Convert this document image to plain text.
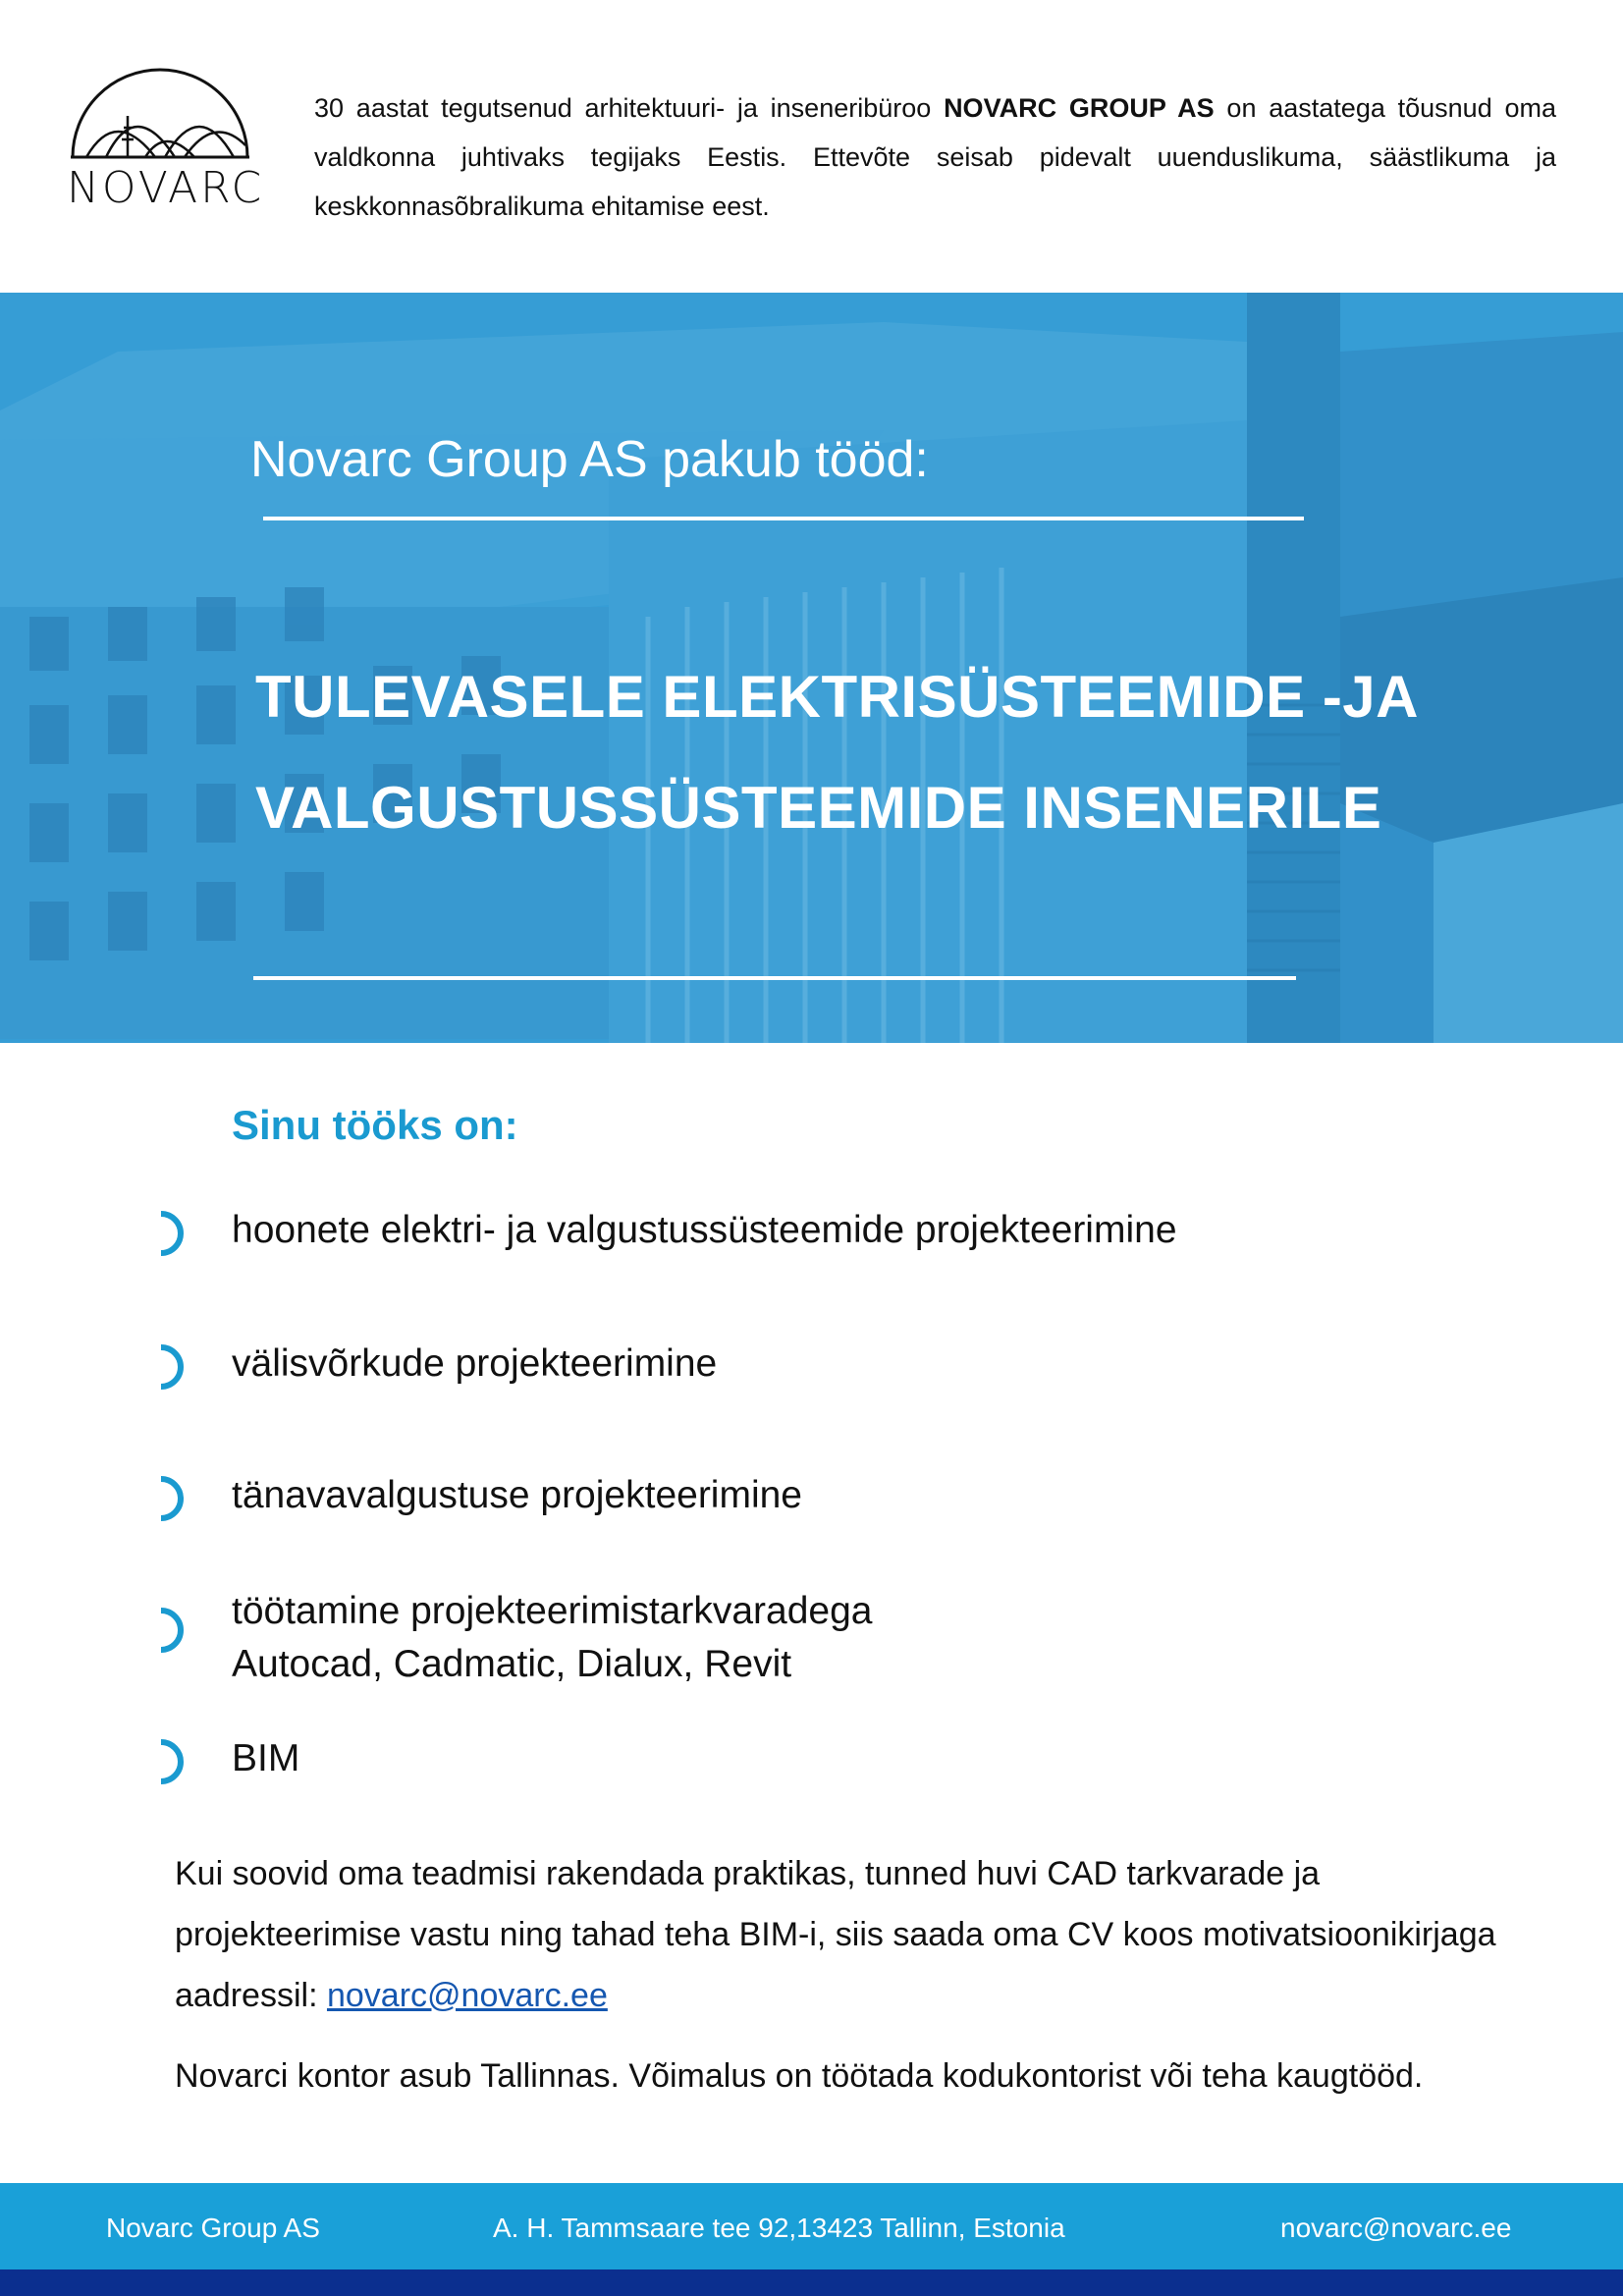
NOVARC

30 aastat tegutsenud arhitektuuri- ja inseneribüroo NOVARC GROUP AS on aastatega tõusnud oma valdkonna juhtivaks tegijaks Eestis. Ettevõte seisab pidevalt uuenduslikuma, säästlikuma ja keskkonnasõbralikuma ehitamise eest.

Novarc Group AS pakub tööd:
TULEVASELE ELEKTRISÜSTEEMIDE -JA
VALGUSTUSSÜSTEEMIDE INSENERILE
Sinu tööks on:
hoonete elektri- ja valgustussüsteemide projekteerimine
välisvõrkude projekteerimine
tänavavalgustuse projekteerimine
töötamine projekteerimistarkvaradega
Autocad, Cadmatic, Dialux, Revit
BIM

Kui soovid oma teadmisi rakendada praktikas, tunned huvi CAD tarkvarade ja projekteerimise vastu ning tahad teha BIM-i, siis saada oma CV koos motivatsioonikirjaga aadressil: novarc@novarc.ee

Novarci kontor asub Tallinnas. Võimalus on töötada kodukontorist või teha kaugtööd.

Novarc Group AS	A. H. Tammsaare tee 92,13423 Tallinn, Estonia	novarc@novarc.ee
